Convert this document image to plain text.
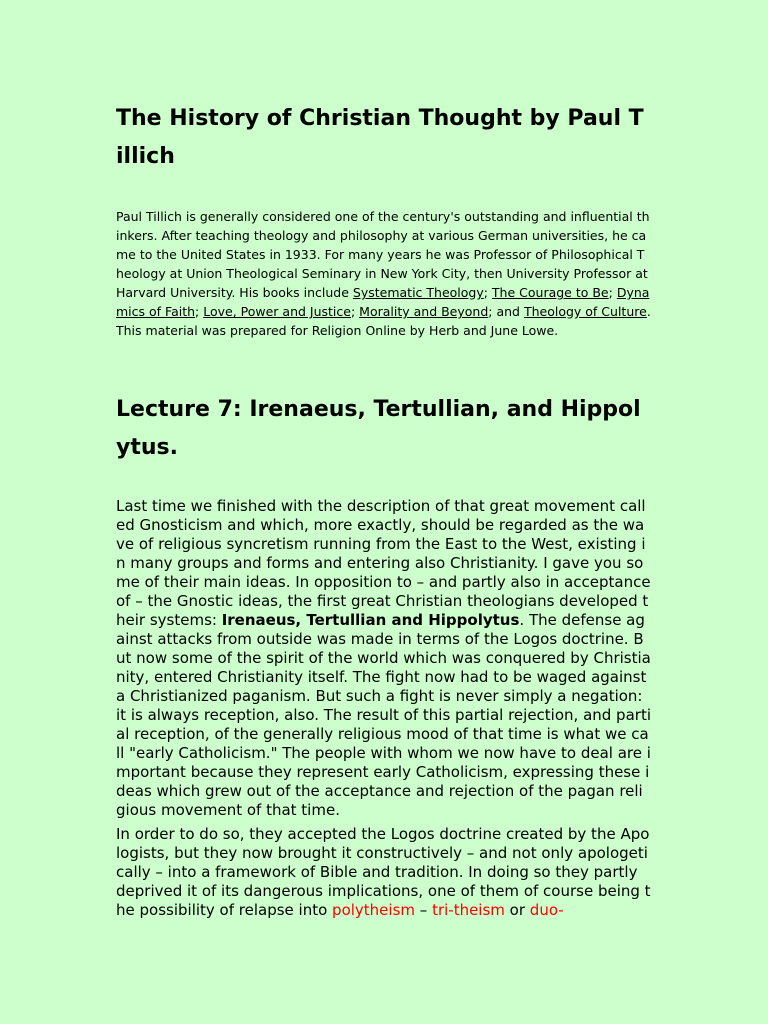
The History of Christian Thought by Paul Tillich

Paul Tillich is generally considered one of the century's outstanding and influential thinkers. After teaching theology and philosophy at various German universities, he came to the United States in 1933. For many years he was Professor of Philosophical Theology at Union Theological Seminary in New York City, then University Professor at Harvard University. His books include Systematic Theology; The Courage to Be; Dynamics of Faith; Love, Power and Justice; Morality and Beyond; and Theology of Culture. This material was prepared for Religion Online by Herb and June Lowe.

Lecture 7: Irenaeus, Tertullian, and Hippolytus.

Last time we finished with the description of that great movement called Gnosticism and which, more exactly, should be regarded as the wave of religious syncretism running from the East to the West, existing in many groups and forms and entering also Christianity. I gave you some of their main ideas. In opposition to – and partly also in acceptance of – the Gnostic ideas, the first great Christian theologians developed their systems: Irenaeus, Tertullian and Hippolytus. The defense against attacks from outside was made in terms of the Logos doctrine. But now some of the spirit of the world which was conquered by Christianity, entered Christianity itself. The fight now had to be waged against a Christianized paganism. But such a fight is never simply a negation: it is always reception, also. The result of this partial rejection, and partial reception, of the generally religious mood of that time is what we call "early Catholicism." The people with whom we now have to deal are important because they represent early Catholicism, expressing these ideas which grew out of the acceptance and rejection of the pagan religious movement of that time.

In order to do so, they accepted the Logos doctrine created by the Apologists, but they now brought it constructively – and not only apologetically – into a framework of Bible and tradition. In doing so they partly deprived it of its dangerous implications, one of them of course being the possibility of relapse into polytheism – tri-theism or duo-
